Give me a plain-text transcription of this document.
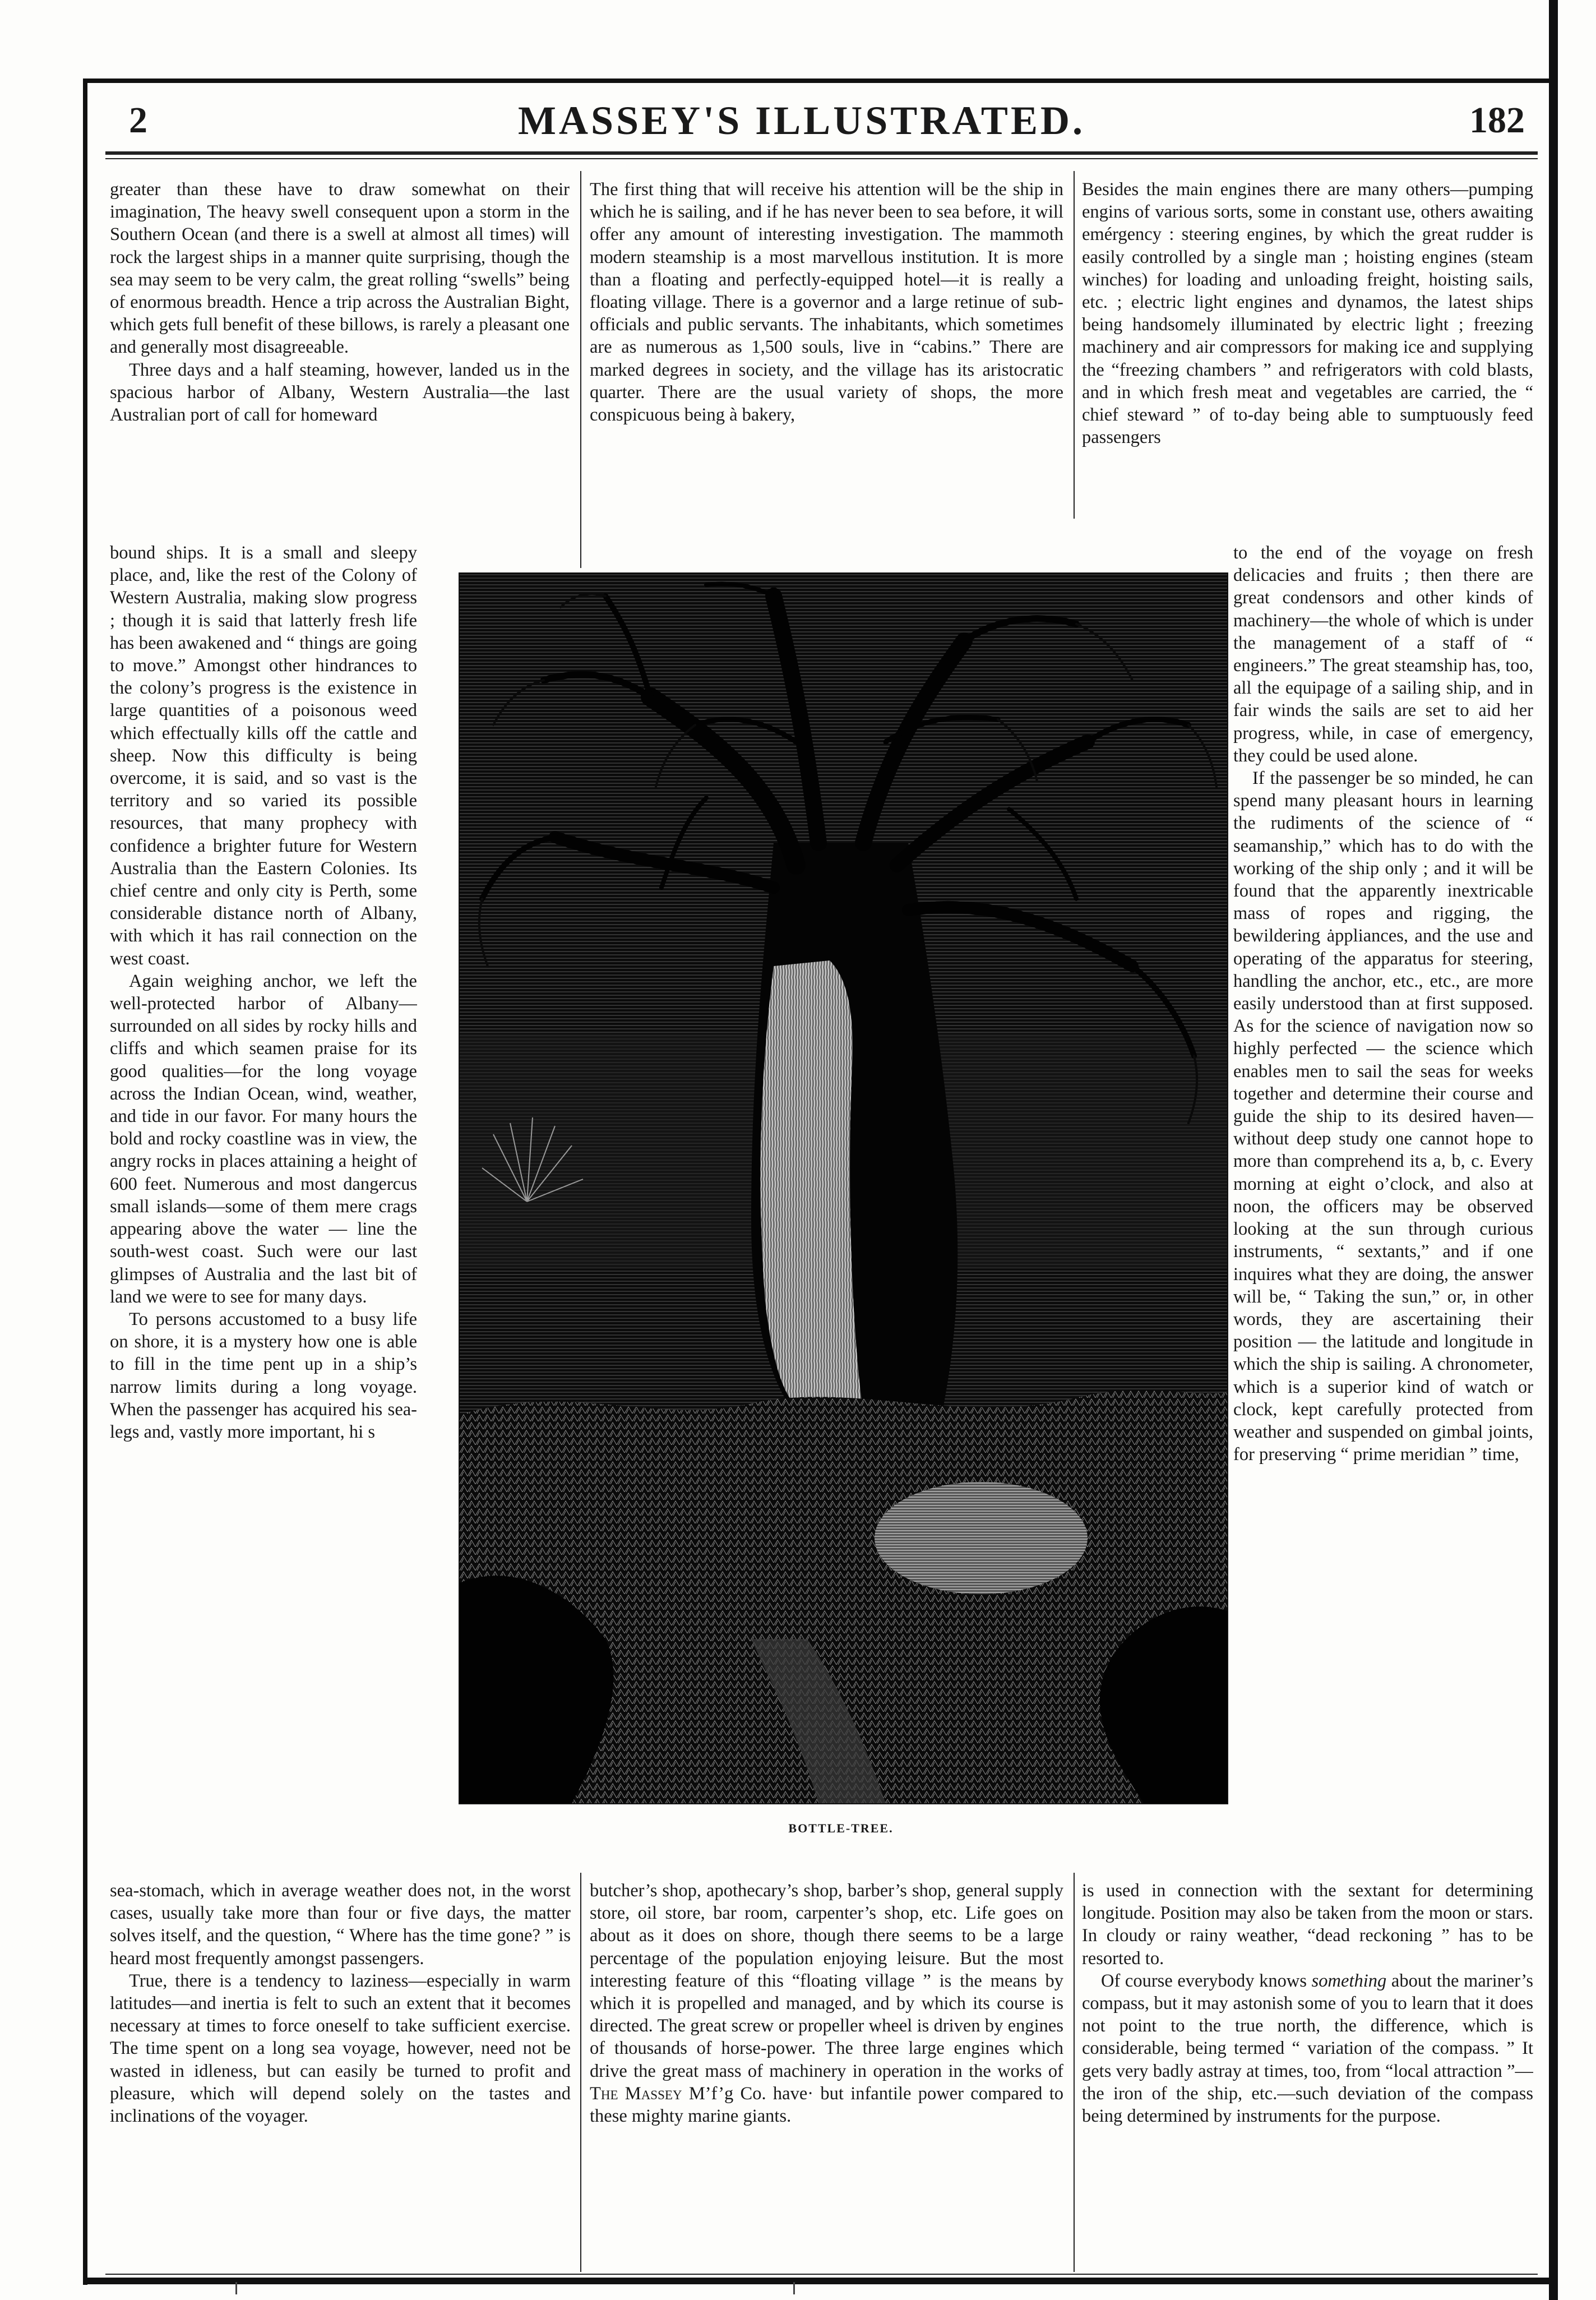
2	MASSEY'S ILLUSTRATED.	182

greater than these have to draw somewhat on their imagination, The heavy swell consequent upon a storm in the Southern Ocean (and there is a swell at almost all times) will rock the largest ships in a manner quite surprising, though the sea may seem to be very calm, the great rolling “swells” being of enormous breadth. Hence a trip across the Australian Bight, which gets full benefit of these billows, is rarely a pleasant one and generally most disagreeable.

Three days and a half steaming, however, landed us in the spacious harbor of Albany, Western Australia—the last Australian port of call for homeward

bound ships. It is a small and sleepy place, and, like the rest of the Colony of Western Australia, making slow progress ; though it is said that latterly fresh life has been awakened and “ things are going to move.” Amongst other hindrances to the colony’s progress is the existence in large quantities of a poisonous weed which effectually kills off the cattle and sheep. Now this difficulty is being overcome, it is said, and so vast is the territory and so varied its possible resources, that many prophecy with confidence a brighter future for Western Australia than the Eastern Colonies. Its chief centre and only city is Perth, some considerable distance north of Albany, with which it has rail connection on the west coast.

Again weighing anchor, we left the well-protected harbor of Albany—surrounded on all sides by rocky hills and cliffs and which seamen praise for its good qualities—for the long voyage across the Indian Ocean, wind, weather, and tide in our favor. For many hours the bold and rocky coastline was in view, the angry rocks in places attaining a height of 600 feet. Numerous and most dangercus small islands—some of them mere crags appearing above the water — line the south-west coast. Such were our last glimpses of Australia and the last bit of land we were to see for many days.

To persons accustomed to a busy life on shore, it is a mystery how one is able to fill in the time pent up in a ship’s narrow limits during a long voyage. When the passenger has acquired his sea-legs and, vastly more important, hi s

sea-stomach, which in average weather does not, in the worst cases, usually take more than four or five days, the matter solves itself, and the question, “ Where has the time gone? ” is heard most frequently amongst passengers.

True, there is a tendency to laziness—especially in warm latitudes—and inertia is felt to such an extent that it becomes necessary at times to force oneself to take sufficient exercise. The time spent on a long sea voyage, however, need not be wasted in idleness, but can easily be turned to profit and pleasure, which will depend solely on the tastes and inclinations of the voyager.

The first thing that will receive his attention will be the ship in which he is sailing, and if he has never been to sea before, it will offer any amount of interesting investigation. The mammoth modern steamship is a most marvellous institution. It is more than a floating and perfectly-equipped hotel—it is really a floating village. There is a governor and a large retinue of sub-officials and public servants. The inhabitants, which sometimes are as numerous as 1,500 souls, live in “cabins.” There are marked degrees in society, and the village has its aristocratic quarter. There are the usual variety of shops, the more conspicuous being à bakery,

butcher’s shop, apothecary’s shop, barber’s shop, general supply store, oil store, bar room, carpenter’s shop, etc. Life goes on about as it does on shore, though there seems to be a large percentage of the population enjoying leisure. But the most interesting feature of this “floating village ” is the means by which it is propelled and managed, and by which its course is directed. The great screw or propeller wheel is driven by engines of thousands of horse-power. The three large engines which drive the great mass of machinery in operation in the works of The Massey M’f’g Co. have· but infantile power compared to these mighty marine giants.

Besides the main engines there are many others—pumping engins of various sorts, some in constant use, others awaiting emérgency : steering engines, by which the great rudder is easily controlled by a single man ; hoisting engines (steam winches) for loading and unloading freight, hoisting sails, etc. ; electric light engines and dynamos, the latest ships being handsomely illuminated by electric light ; freezing machinery and air compressors for making ice and supplying the “freezing chambers ” and refrigerators with cold blasts, and in which fresh meat and vegetables are carried, the “ chief steward ” of to-day being able to sumptuously feed passengers

to the end of the voyage on fresh delicacies and fruits ; then there are great condensors and other kinds of machinery—the whole of which is under the management of a staff of “ engineers.” The great steamship has, too, all the equipage of a sailing ship, and in fair winds the sails are set to aid her progress, while, in case of emergency, they could be used alone.

If the passenger be so minded, he can spend many pleasant hours in learning the rudiments of the science of “ seamanship,” which has to do with the working of the ship only ; and it will be found that the apparently inextricable mass of ropes and rigging, the bewildering ȧppliances, and the use and operating of the apparatus for steering, handling the anchor, etc., etc., are more easily understood than at first supposed. As for the science of navigation now so highly perfected — the science which enables men to sail the seas for weeks together and determine their course and guide the ship to its desired haven—without deep study one cannot hope to more than comprehend its a, b, c. Every morning at eight o’clock, and also at noon, the officers may be observed looking at the sun through curious instruments, “ sextants,” and if one inquires what they are doing, the answer will be, “ Taking the sun,” or, in other words, they are ascertaining their position — the latitude and longitude in which the ship is sailing. A chronometer, which is a superior kind of watch or clock, kept carefully protected from weather and suspended on gimbal joints, for preserving “ prime meridian ” time,

is used in connection with the sextant for determining longitude. Position may also be taken from the moon or stars. In cloudy or rainy weather, “dead reckoning ” has to be resorted to.

Of course everybody knows something about the mariner’s compass, but it may astonish some of you to learn that it does not point to the true north, the difference, which is considerable, being termed “ variation of the compass. ” It gets very badly astray at times, too, from “local attraction ”—the iron of the ship, etc.—such deviation of the compass being determined by instruments for the purpose.

BOTTLE-TREE.
